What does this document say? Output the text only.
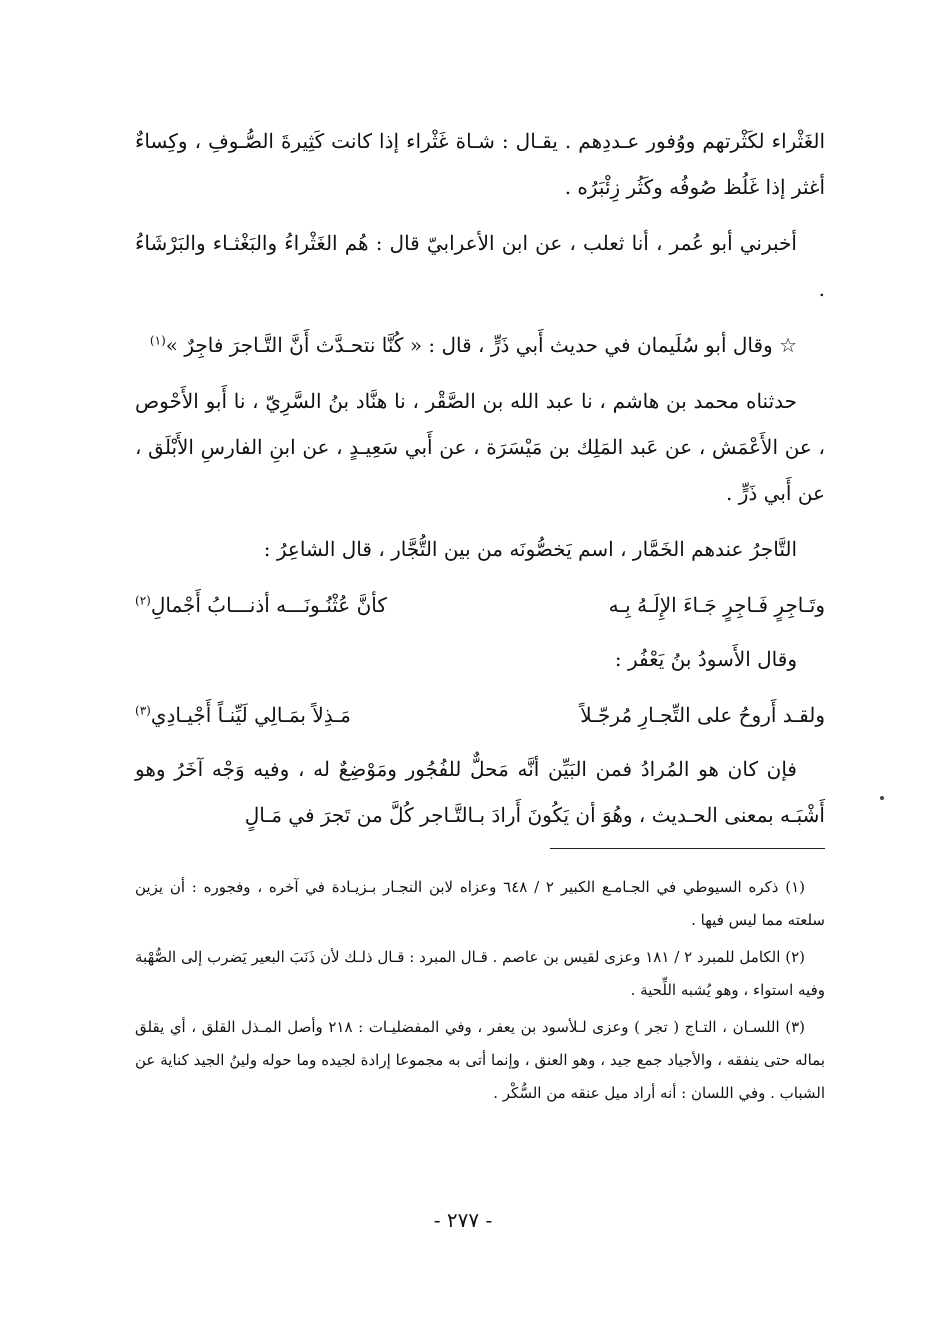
الغَثْراء لكَثْرتهم ووُفور عـددِهم . يقـال : شـاة غَثْراء إذا كانت كَثِيرةَ الصُّـوفِ ، وكِساءٌ أغثر إذا غَلُظ صُوفُه وكَثُر زِئْبَرُه .

أخبرني أبو عُمر ، أنا ثعلب ، عن ابن الأعرابيّ قال : هُم الغَثْراءُ والبَغْثـاء والبَرْشَاءُ .

☆ وقال أبو سُلَيمان في حديث أَبي ذَرٍّ ، قال : « كُنَّا نتحـدَّث أَنَّ التَّـاجرَ فاجِرٌ »$^{(١)}$

حدثناه محمد بن هاشم ، نا عبد الله بن الصَّقْر ، نا هنَّاد بنُ السَّرِيّ ، نا أَبو الأَحْوص ، عن الأَعْمَش ، عن عَبد المَلِك بن مَيْسَرَة ، عن أَبي سَعِيـدٍ ، عن ابنِ الفارسِ الأَبْلَق ، عن أَبي ذَرٍّ .

التَّاجرُ عندهم الخَمَّار ، اسم يَخصُّونَه من بين التُّجَّار ، قال الشاعِرُ :

وتَـاجِرٍ فَـاجِرٍ جَـاءَ الإِلَـهُ بِـه
كأنَّ عُثْنُـونَـــه أذنـــابُ أَجْمالِ$^{(٢)}$

وقال الأَسودُ بنُ يَعْفُر :

ولقـد أَروحُ على التِّجـارِ مُرجّـلاً
مَـذِلاً بمَـالِي لَيِّنـاً أَجْيـادِي$^{(٣)}$

فإن كان هو المُرادُ فمن البَيِّن أنَّه مَحلٌّ للفُجُور ومَوْضِعٌ له ، وفيه وَجْه آخَرُ وهو أَشْبَـه بمعنى الحـديث ، وهُوَ أن يَكُونَ أَرادَ بـالتَّـاجر كُلَّ من تَجرَ في مَـالٍ

(١) ذكره السيوطي في الجـامـع الكبير ٢ / ٦٤٨ وعزاه لابن النجـار بـزيـادة في آخره ، وفجوره : أن يزين سلعته مما ليس فيها .

(٢) الكامل للمبرد ٢ / ١٨١ وعزى لقيس بن عاصم . قـال المبرد : قـال ذلـك لأن ذَنَبَ البعير يَضرب إلى الصُّهْبة وفيه استواء ، وهو يُشبه اللِّحية .

(٣) اللسـان ، التـاج ( تجر ) وعزى لـلأسود بن يعفر ، وفي المفضليـات : ٢١٨ وأصل المـذل القلق ، أي يقلق بماله حتى ينفقه ، والأجياد جمع جيد ، وهو العنق ، وإنما أتى به مجموعا إرادة لجيده وما حوله ولينُ الجيد كناية عن الشباب . وفي اللسان : أنه أراد ميل عنقه من السُّكْر .

- ٢٧٧ -
